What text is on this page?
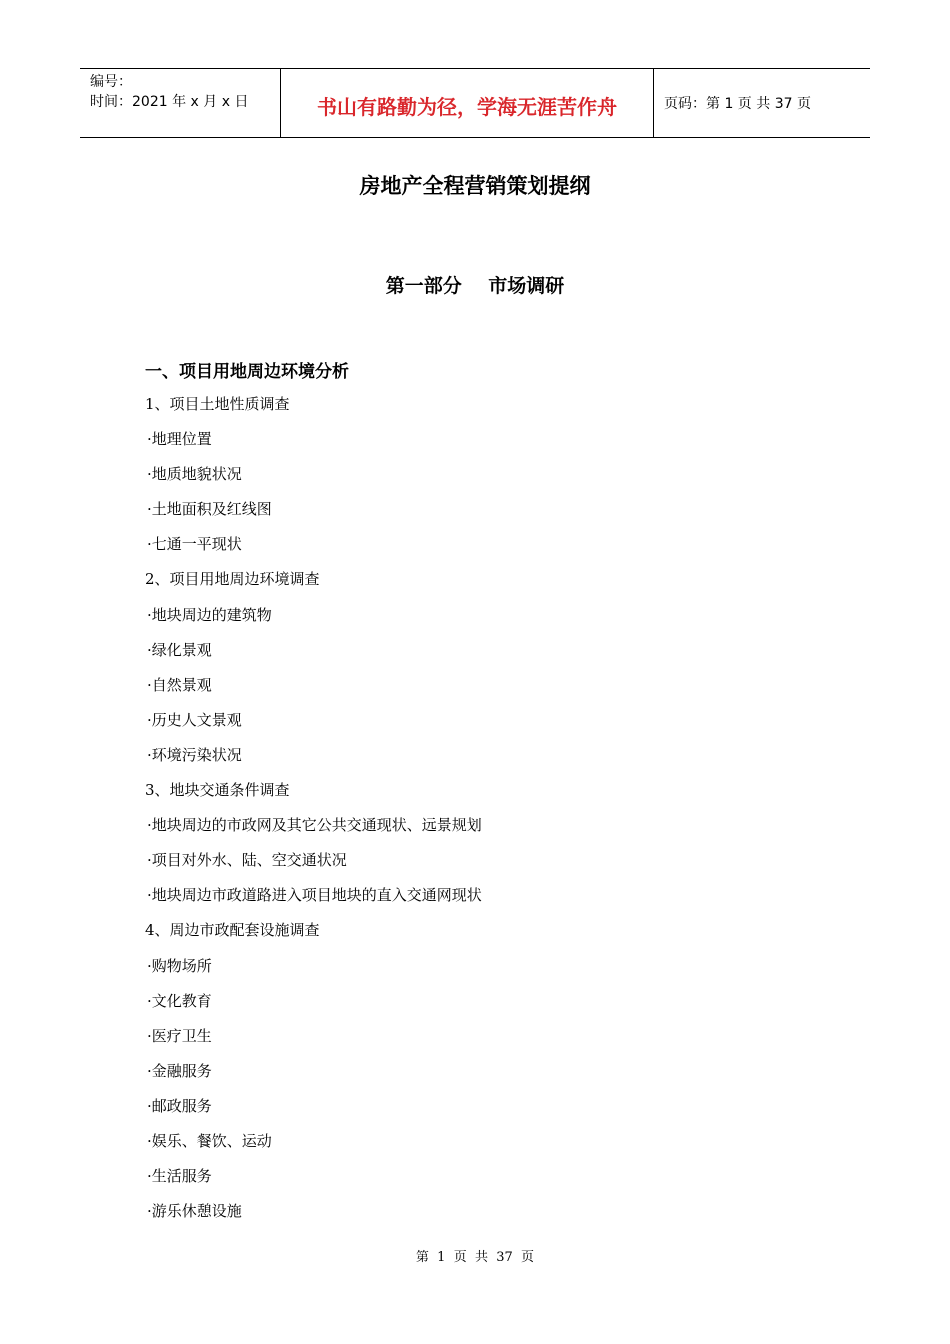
编号：
时间：2021 年 x 月 x 日	书山有路勤为径，学海无涯苦作舟	页码：第 1 页 共 37 页
房地产全程营销策划提纲
第一部分    市场调研
一、项目用地周边环境分析
1、项目土地性质调查
·地理位置
·地质地貌状况
·土地面积及红线图
·七通一平现状
2、项目用地周边环境调查
·地块周边的建筑物
·绿化景观
·自然景观
·历史人文景观
·环境污染状况
3、地块交通条件调查
·地块周边的市政网及其它公共交通现状、远景规划
·项目对外水、陆、空交通状况
·地块周边市政道路进入项目地块的直入交通网现状
4、周边市政配套设施调查
·购物场所
·文化教育
·医疗卫生
·金融服务
·邮政服务
·娱乐、餐饮、运动
·生活服务
·游乐休憩设施
第  1  页  共  37  页
